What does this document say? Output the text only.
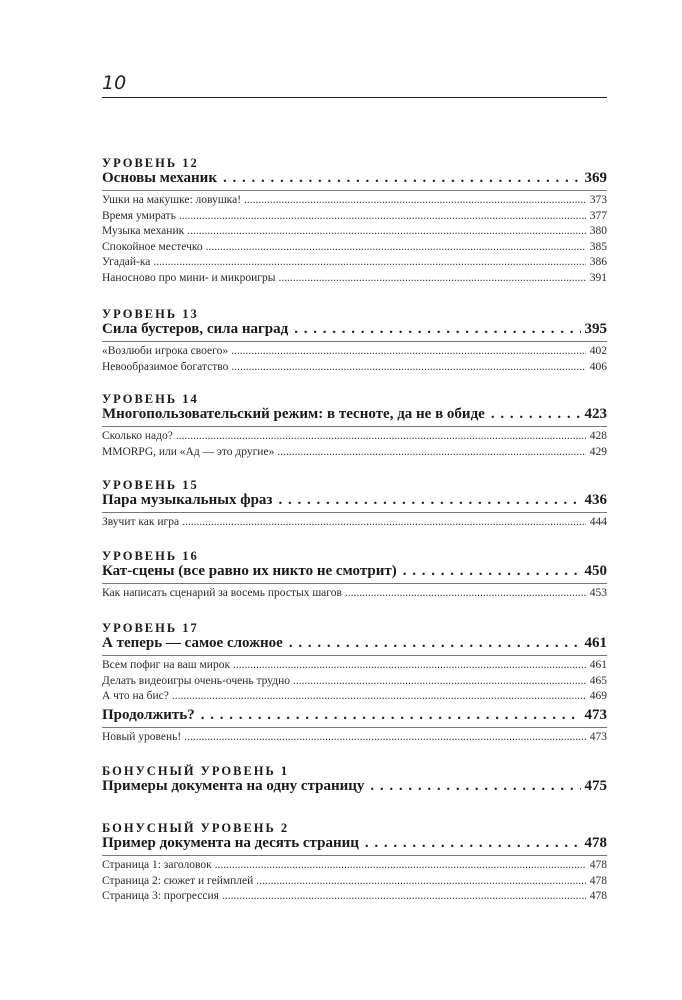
10
УРОВЕНЬ 12
Основы механик . . .	369
Ушки на макушке: ловушка! .....	373
Время умирать .....	377
Музыка механик .....	380
Спокойное местечко .....	385
Угадай-ка .....	386
Наносново про мини- и микроигры .....	391
УРОВЕНЬ 13
Сила бустеров, сила наград . . .	395
«Возлюби игрока своего» .....	402
Невообразимое богатство .....	406
УРОВЕНЬ 14
Многопользовательский режим: в тесноте, да не в обиде . . .	423
Сколько надо? .....	428
MMORPG, или «Ад — это другие» .....	429
УРОВЕНЬ 15
Пара музыкальных фраз . . .	436
Звучит как игра .....	444
УРОВЕНЬ 16
Кат-сцены (все равно их никто не смотрит) . . .	450
Как написать сценарий за восемь простых шагов .....	453
УРОВЕНЬ 17
А теперь — самое сложное . . .	461
Всем пофиг на ваш мирок .....	461
Делать видеоигры очень-очень трудно .....	465
А что на бис? .....	469
Продолжить? . . .	473
Новый уровень! .....	473
БОНУСНЫЙ УРОВЕНЬ 1
Примеры документа на одну страницу . . .	475
БОНУСНЫЙ УРОВЕНЬ 2
Пример документа на десять страниц . . .	478
Страница 1: заголовок .....	478
Страница 2: сюжет и геймплей .....	478
Страница 3: прогрессия .....	478
